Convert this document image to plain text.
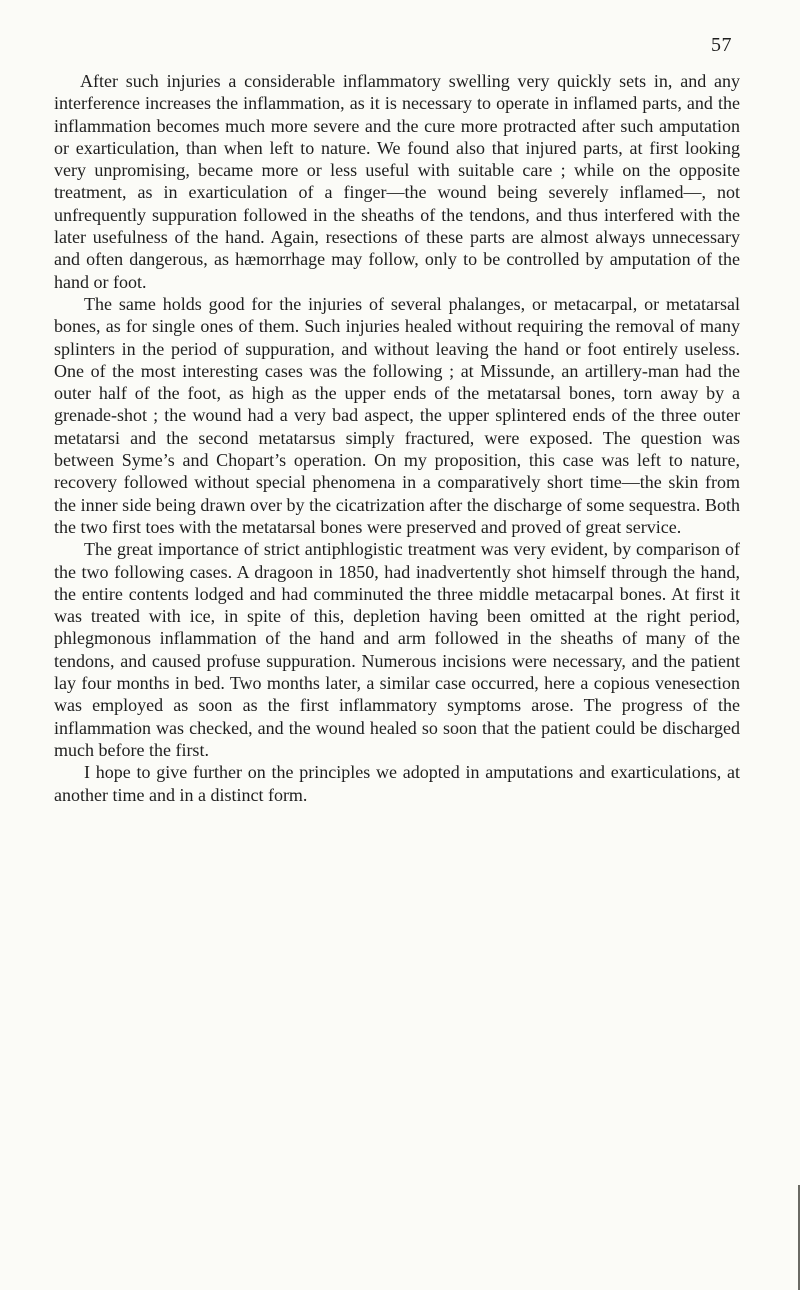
57

After such injuries a considerable inflammatory swelling very quickly sets in, and any interference increases the inflammation, as it is necessary to operate in inflamed parts, and the inflammation becomes much more severe and the cure more protracted after such amputation or exarticulation, than when left to nature. We found also that injured parts, at first looking very unpromising, became more or less useful with suitable care ; while on the opposite treatment, as in exarticulation of a finger—the wound being severely inflamed—, not unfrequently suppuration followed in the sheaths of the tendons, and thus interfered with the later usefulness of the hand. Again, resections of these parts are almost always unnecessary and often dangerous, as hæmorrhage may follow, only to be controlled by amputation of the hand or foot.

The same holds good for the injuries of several phalanges, or metacarpal, or metatarsal bones, as for single ones of them. Such injuries healed without requiring the removal of many splinters in the period of suppuration, and without leaving the hand or foot entirely useless. One of the most interesting cases was the following ; at Missunde, an artillery-man had the outer half of the foot, as high as the upper ends of the metatarsal bones, torn away by a grenade-shot ; the wound had a very bad aspect, the upper splintered ends of the three outer metatarsi and the second metatarsus simply fractured, were exposed. The question was between Syme’s and Chopart’s operation. On my proposition, this case was left to nature, recovery followed without special phenomena in a comparatively short time—the skin from the inner side being drawn over by the cicatrization after the discharge of some sequestra. Both the two first toes with the metatarsal bones were preserved and proved of great service.

The great importance of strict antiphlogistic treatment was very evident, by comparison of the two following cases. A dragoon in 1850, had inadvertently shot himself through the hand, the entire contents lodged and had comminuted the three middle metacarpal bones. At first it was treated with ice, in spite of this, depletion having been omitted at the right period, phlegmonous inflammation of the hand and arm followed in the sheaths of many of the tendons, and caused profuse suppuration. Numerous incisions were necessary, and the patient lay four months in bed. Two months later, a similar case occurred, here a copious venesection was employed as soon as the first inflammatory symptoms arose. The progress of the inflammation was checked, and the wound healed so soon that the patient could be discharged much before the first.

I hope to give further on the principles we adopted in amputations and exarticulations, at another time and in a distinct form.
